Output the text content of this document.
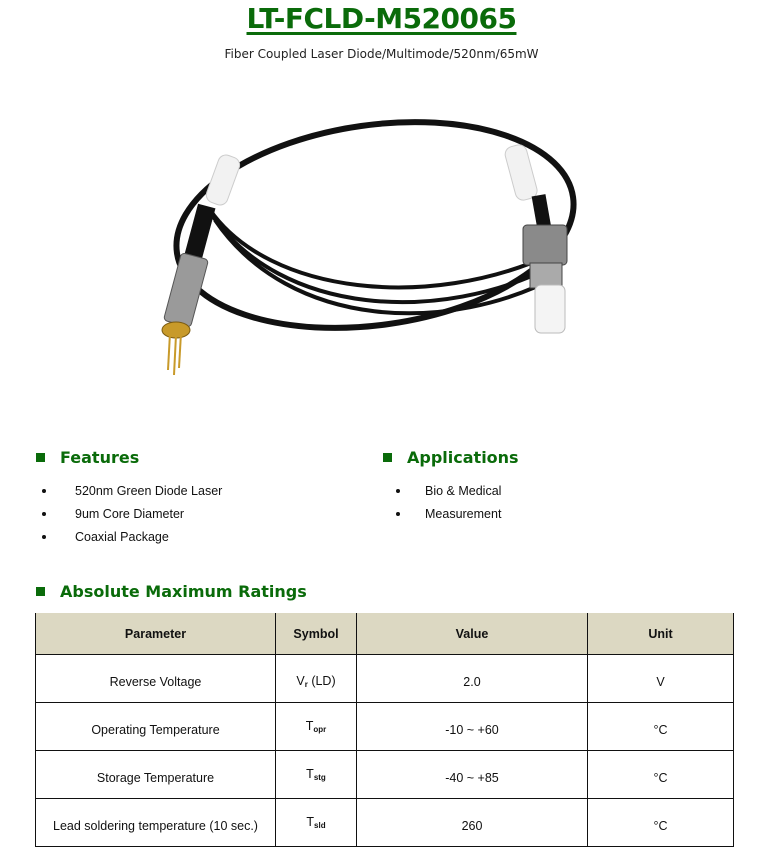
LT-FCLD-M520065
Fiber Coupled Laser Diode/Multimode/520nm/65mW
Features
520nm Green Diode Laser
9um Core Diameter
Coaxial Package
Applications
Bio & Medical
Measurement
Absolute Maximum Ratings
Parameter	Symbol	Value	Unit
Reverse Voltage	$V_r$ (LD)	2.0	V
Operating Temperature	$T_{opr}$	-10 ~ +60	°C
Storage Temperature	$T_{stg}$	-40 ~ +85	°C
Lead soldering temperature (10 sec.)	$T_{sld}$	260	°C
